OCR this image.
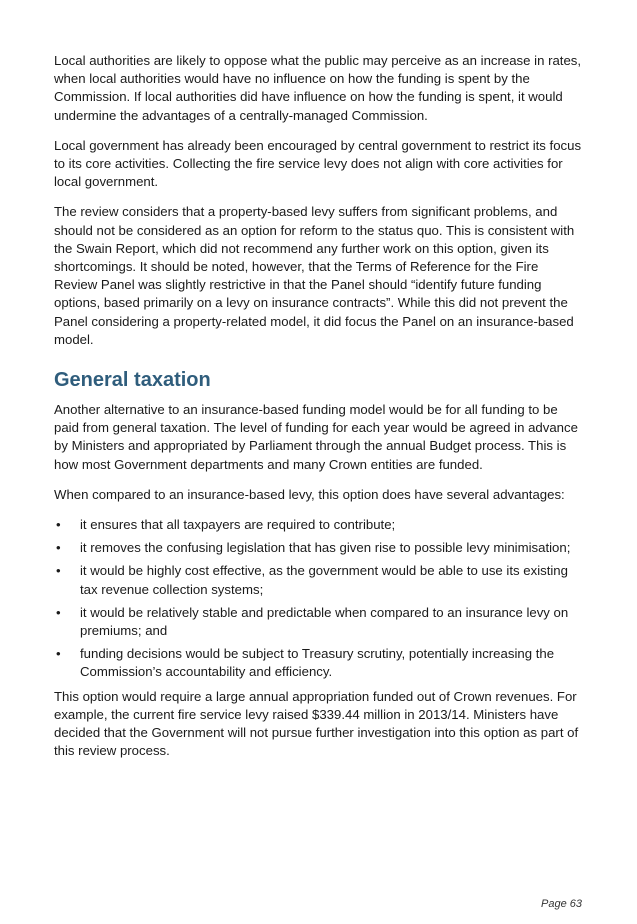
Local authorities are likely to oppose what the public may perceive as an increase in rates, when local authorities would have no influence on how the funding is spent by the Commission. If local authorities did have influence on how the funding is spent, it would undermine the advantages of a centrally-managed Commission.

Local government has already been encouraged by central government to restrict its focus to its core activities. Collecting the fire service levy does not align with core activities for local government.

The review considers that a property-based levy suffers from significant problems, and should not be considered as an option for reform to the status quo. This is consistent with the Swain Report, which did not recommend any further work on this option, given its shortcomings. It should be noted, however, that the Terms of Reference for the Fire Review Panel was slightly restrictive in that the Panel should “identify future funding options, based primarily on a levy on insurance contracts”. While this did not prevent the Panel considering a property-related model, it did focus the Panel on an insurance-based model.

General taxation

Another alternative to an insurance-based funding model would be for all funding to be paid from general taxation. The level of funding for each year would be agreed in advance by Ministers and appropriated by Parliament through the annual Budget process. This is how most Government departments and many Crown entities are funded.

When compared to an insurance-based levy, this option does have several advantages:

• it ensures that all taxpayers are required to contribute;
• it removes the confusing legislation that has given rise to possible levy minimisation;
• it would be highly cost effective, as the government would be able to use its existing tax revenue collection systems;
• it would be relatively stable and predictable when compared to an insurance levy on premiums; and
• funding decisions would be subject to Treasury scrutiny, potentially increasing the Commission’s accountability and efficiency.

This option would require a large annual appropriation funded out of Crown revenues. For example, the current fire service levy raised $339.44 million in 2013/14. Ministers have decided that the Government will not pursue further investigation into this option as part of this review process.

Page 63
